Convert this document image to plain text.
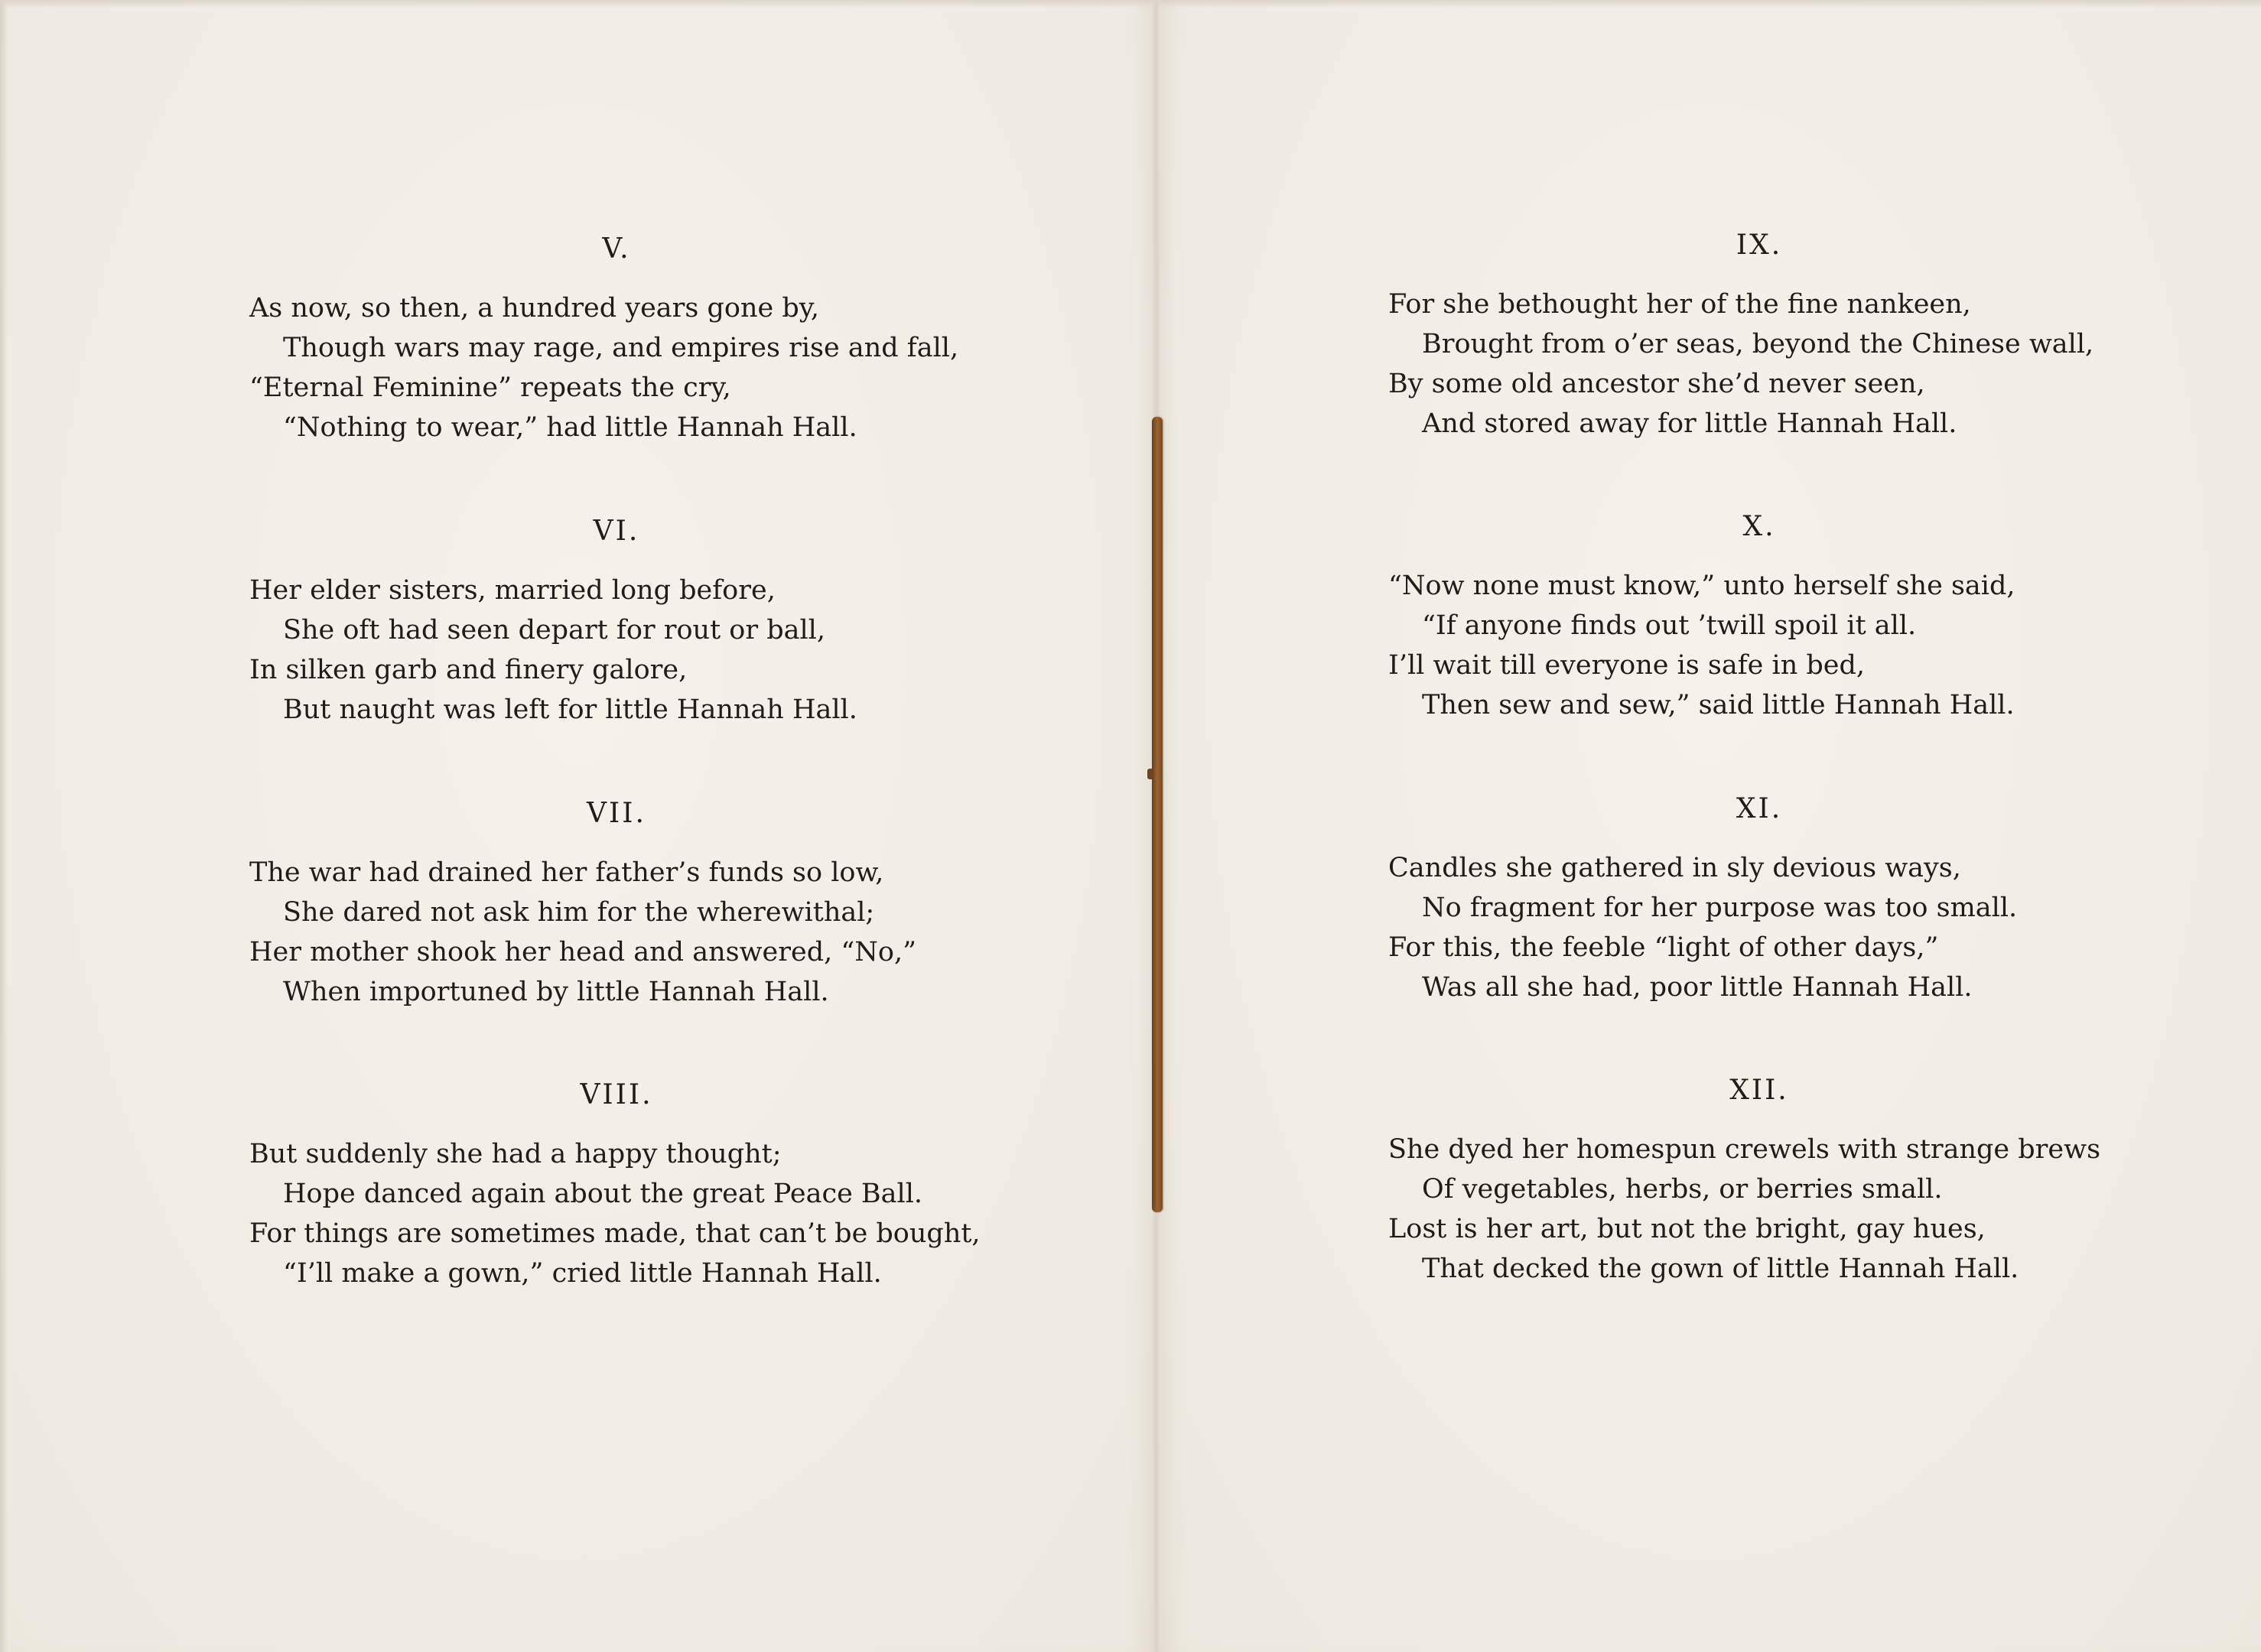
V.
As now, so then, a hundred years gone by,
Though wars may rage, and empires rise and fall,
“Eternal Feminine” repeats the cry,
“Nothing to wear,” had little Hannah Hall.
VI.
Her elder sisters, married long before,
She oft had seen depart for rout or ball,
In silken garb and finery galore,
But naught was left for little Hannah Hall.
VII.
The war had drained her father’s funds so low,
She dared not ask him for the wherewithal;
Her mother shook her head and answered, “No,”
When importuned by little Hannah Hall.
VIII.
But suddenly she had a happy thought;
Hope danced again about the great Peace Ball.
For things are sometimes made, that can’t be bought,
“I’ll make a gown,” cried little Hannah Hall.
IX.
For she bethought her of the fine nankeen,
Brought from o’er seas, beyond the Chinese wall,
By some old ancestor she’d never seen,
And stored away for little Hannah Hall.
X.
“Now none must know,” unto herself she said,
“If anyone finds out ’twill spoil it all.
I’ll wait till everyone is safe in bed,
Then sew and sew,” said little Hannah Hall.
XI.
Candles she gathered in sly devious ways,
No fragment for her purpose was too small.
For this, the feeble “light of other days,”
Was all she had, poor little Hannah Hall.
XII.
She dyed her homespun crewels with strange brews
Of vegetables, herbs, or berries small.
Lost is her art, but not the bright, gay hues,
That decked the gown of little Hannah Hall.
